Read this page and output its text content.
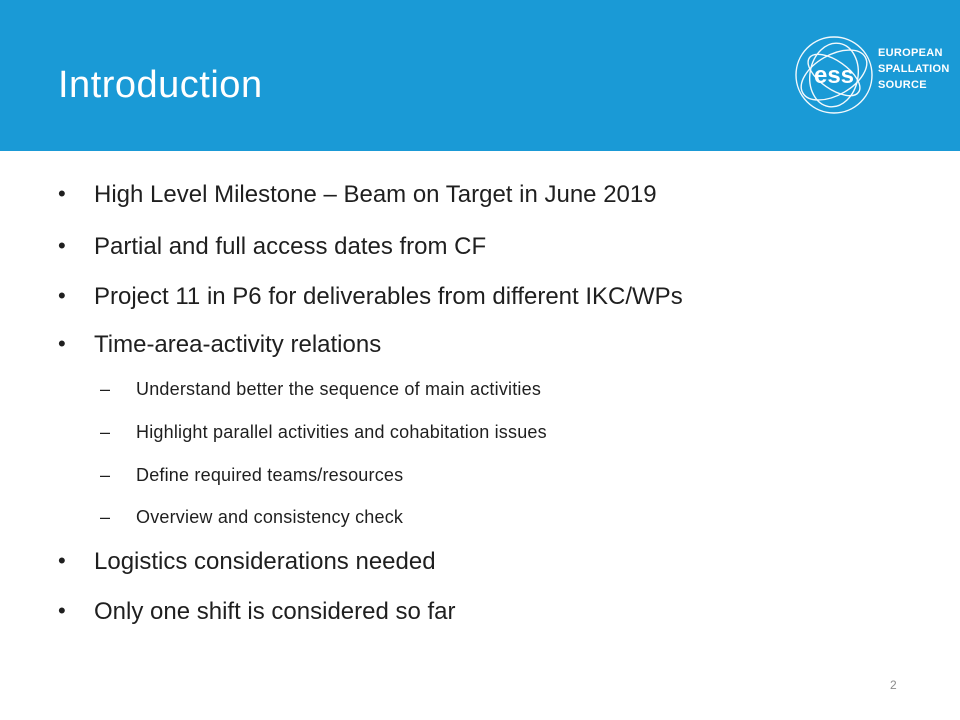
Introduction	ess
EUROPEAN
SPALLATION
SOURCE
• High Level Milestone – Beam on Target in June 2019
• Partial and full access dates from CF
• Project 11 in P6 for deliverables from different IKC/WPs
• Time-area-activity relations
– Understand better the sequence of main activities
– Highlight parallel activities and cohabitation issues
– Define required teams/resources
– Overview and consistency check
• Logistics considerations needed
• Only one shift is considered so far
2
